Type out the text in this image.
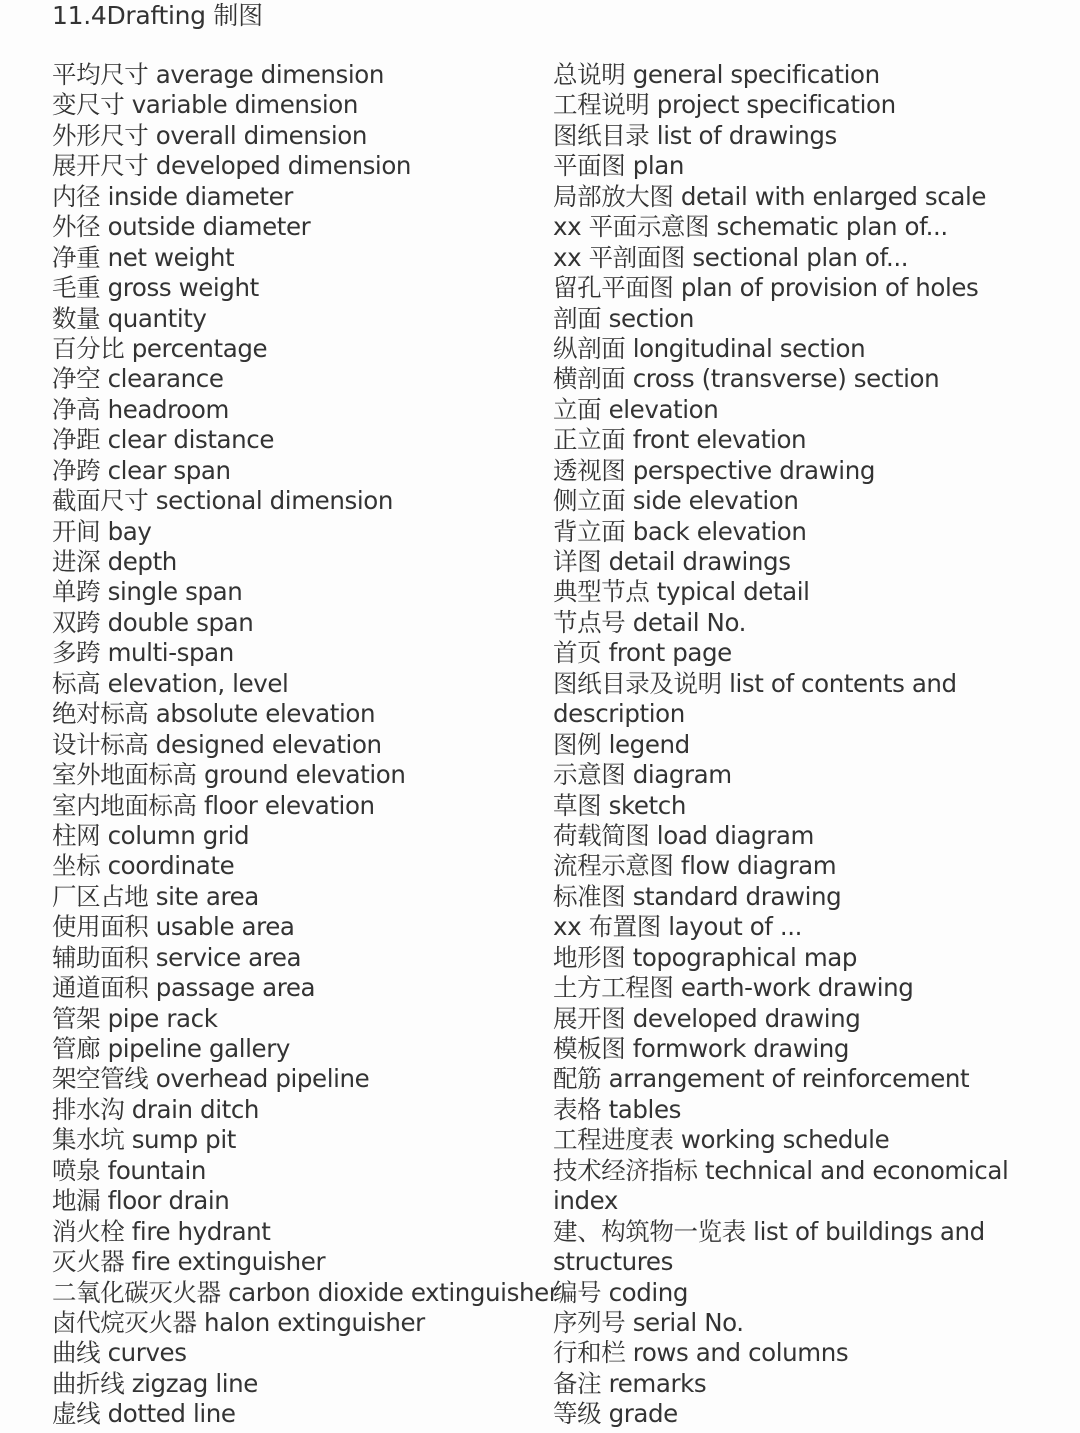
11.4Drafting 制图
平均尺寸 average dimension
变尺寸 variable dimension
外形尺寸 overall dimension
展开尺寸 developed dimension
内径 inside diameter
外径 outside diameter
净重 net weight
毛重 gross weight
数量 quantity
百分比 percentage
净空 clearance
净高 headroom
净距 clear distance
净跨 clear span
截面尺寸 sectional dimension
开间 bay
进深 depth
单跨 single span
双跨 double span
多跨 multi-span
标高 elevation, level
绝对标高 absolute elevation
设计标高 designed elevation
室外地面标高 ground elevation
室内地面标高 floor elevation
柱网 column grid
坐标 coordinate
厂区占地 site area
使用面积 usable area
辅助面积 service area
通道面积 passage area
管架 pipe rack
管廊 pipeline gallery
架空管线 overhead pipeline
排水沟 drain ditch
集水坑 sump pit
喷泉 fountain
地漏 floor drain
消火栓 fire hydrant
灭火器 fire extinguisher
二氧化碳灭火器 carbon dioxide extinguisher
卤代烷灭火器 halon extinguisher
曲线 curves
曲折线 zigzag line
虚线 dotted line
总说明 general specification
工程说明 project specification
图纸目录 list of drawings
平面图 plan
局部放大图 detail with enlarged scale
xx 平面示意图 schematic plan of...
xx 平剖面图 sectional plan of...
留孔平面图 plan of provision of holes
剖面 section
纵剖面 longitudinal section
横剖面 cross (transverse) section
立面 elevation
正立面 front elevation
透视图 perspective drawing
侧立面 side elevation
背立面 back elevation
详图 detail drawings
典型节点 typical detail
节点号 detail No.
首页 front page
图纸目录及说明 list of contents and
description
图例 legend
示意图 diagram
草图 sketch
荷载简图 load diagram
流程示意图 flow diagram
标准图 standard drawing
xx 布置图 layout of ...
地形图 topographical map
土方工程图 earth-work drawing
展开图 developed drawing
模板图 formwork drawing
配筋 arrangement of reinforcement
表格 tables
工程进度表 working schedule
技术经济指标 technical and economical
index
建、构筑物一览表 list of buildings and
structures
编号 coding
序列号 serial No.
行和栏 rows and columns
备注 remarks
等级 grade
